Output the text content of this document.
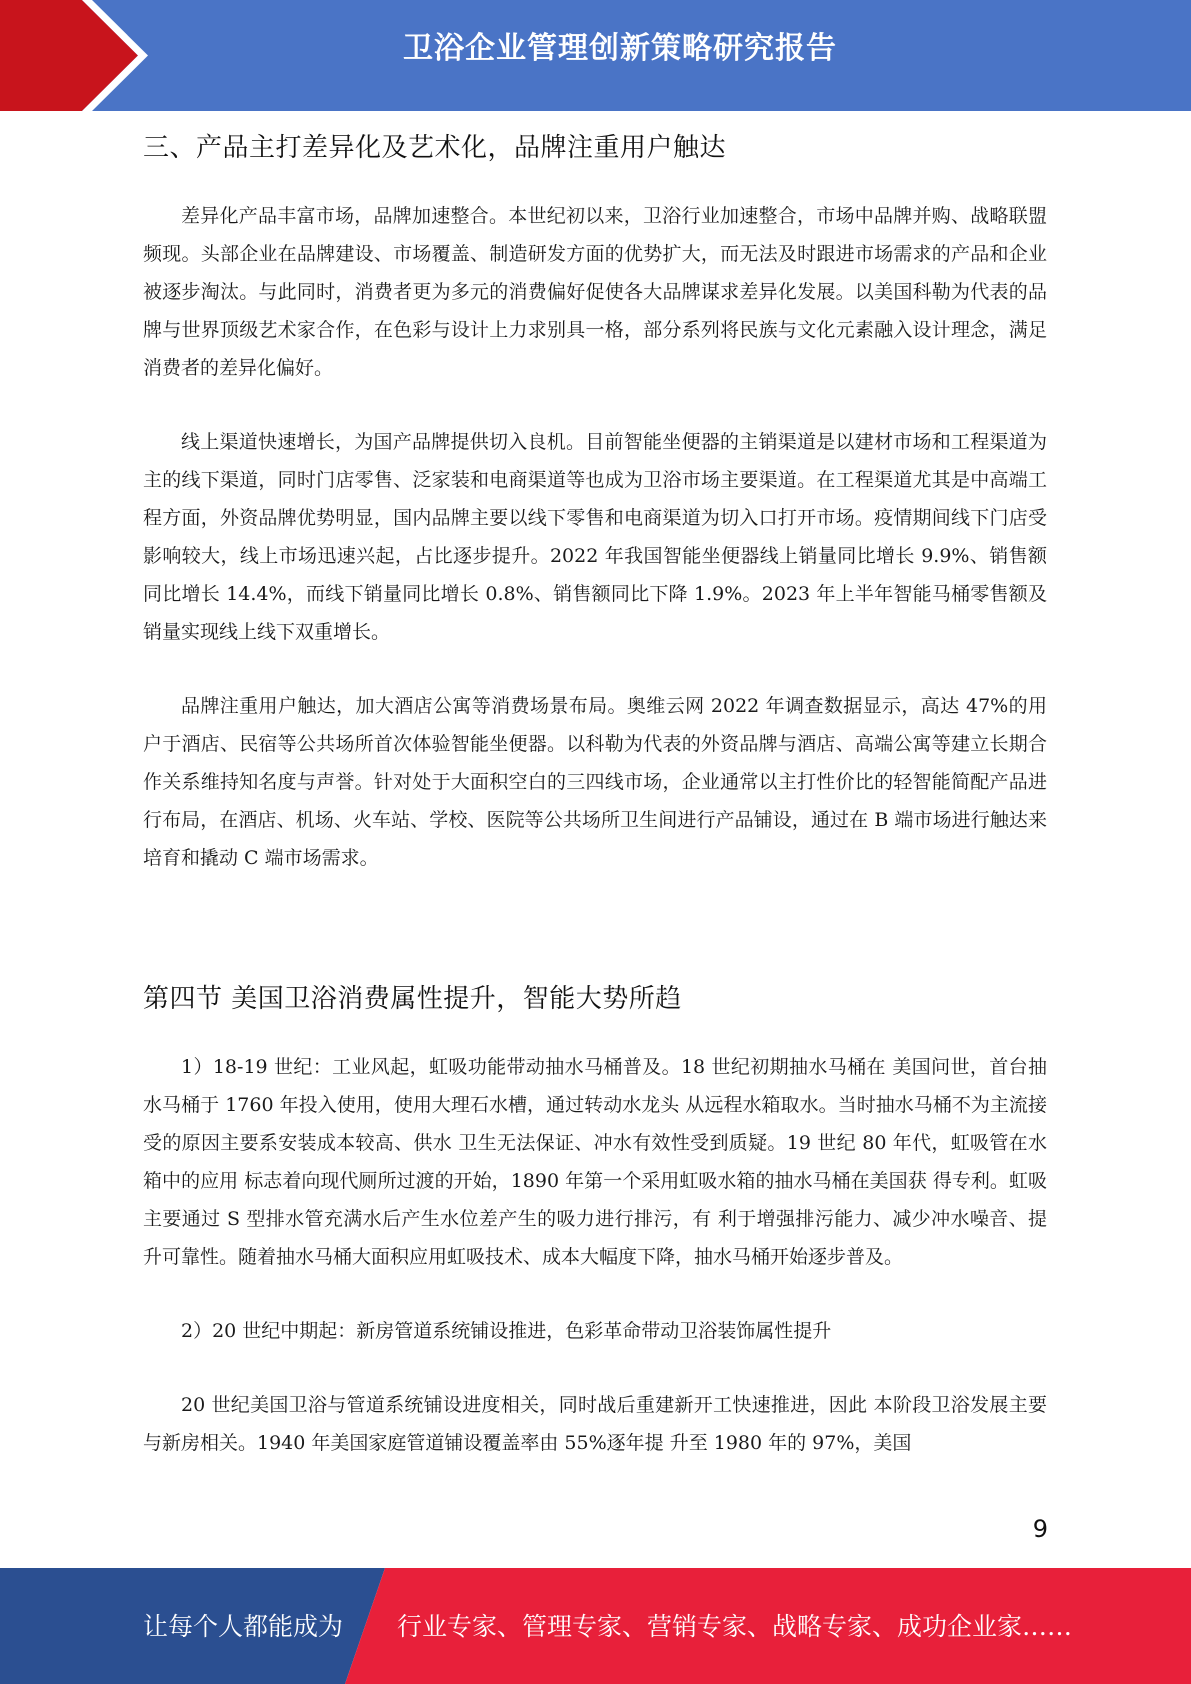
卫浴企业管理创新策略研究报告
三、产品主打差异化及艺术化，品牌注重用户触达

差异化产品丰富市场，品牌加速整合。本世纪初以来，卫浴行业加速整合，市场中品牌并购、战略联盟频现。头部企业在品牌建设、市场覆盖、制造研发方面的优势扩大，而无法及时跟进市场需求的产品和企业被逐步淘汰。与此同时，消费者更为多元的消费偏好促使各大品牌谋求差异化发展。以美国科勒为代表的品牌与世界顶级艺术家合作，在色彩与设计上力求别具一格，部分系列将民族与文化元素融入设计理念，满足消费者的差异化偏好。

线上渠道快速增长，为国产品牌提供切入良机。目前智能坐便器的主销渠道是以建材市场和工程渠道为主的线下渠道，同时门店零售、泛家装和电商渠道等也成为卫浴市场主要渠道。在工程渠道尤其是中高端工程方面，外资品牌优势明显，国内品牌主要以线下零售和电商渠道为切入口打开市场。疫情期间线下门店受影响较大，线上市场迅速兴起，占比逐步提升。2022 年我国智能坐便器线上销量同比增长 9.9%、销售额同比增长 14.4%，而线下销量同比增长 0.8%、销售额同比下降 1.9%。2023 年上半年智能马桶零售额及销量实现线上线下双重增长。

品牌注重用户触达，加大酒店公寓等消费场景布局。奥维云网 2022 年调查数据显示，高达 47%的用户于酒店、民宿等公共场所首次体验智能坐便器。以科勒为代表的外资品牌与酒店、高端公寓等建立长期合作关系维持知名度与声誉。针对处于大面积空白的三四线市场，企业通常以主打性价比的轻智能简配产品进行布局，在酒店、机场、火车站、学校、医院等公共场所卫生间进行产品铺设，通过在 B 端市场进行触达来培育和撬动 C 端市场需求。

第四节 美国卫浴消费属性提升，智能大势所趋

1）18-19 世纪：工业风起，虹吸功能带动抽水马桶普及。18 世纪初期抽水马桶在 美国问世，首台抽水马桶于 1760 年投入使用，使用大理石水槽，通过转动水龙头 从远程水箱取水。当时抽水马桶不为主流接受的原因主要系安装成本较高、供水 卫生无法保证、冲水有效性受到质疑。19 世纪 80 年代，虹吸管在水箱中的应用 标志着向现代厕所过渡的开始，1890 年第一个采用虹吸水箱的抽水马桶在美国获 得专利。虹吸主要通过 S 型排水管充满水后产生水位差产生的吸力进行排污，有 利于增强排污能力、减少冲水噪音、提升可靠性。随着抽水马桶大面积应用虹吸技术、成本大幅度下降，抽水马桶开始逐步普及。

2）20 世纪中期起：新房管道系统铺设推进，色彩革命带动卫浴装饰属性提升

20 世纪美国卫浴与管道系统铺设进度相关，同时战后重建新开工快速推进，因此 本阶段卫浴发展主要与新房相关。1940 年美国家庭管道铺设覆盖率由 55%逐年提 升至 1980 年的 97%，美国

9
让每个人都能成为 行业专家、管理专家、营销专家、战略专家、成功企业家……
